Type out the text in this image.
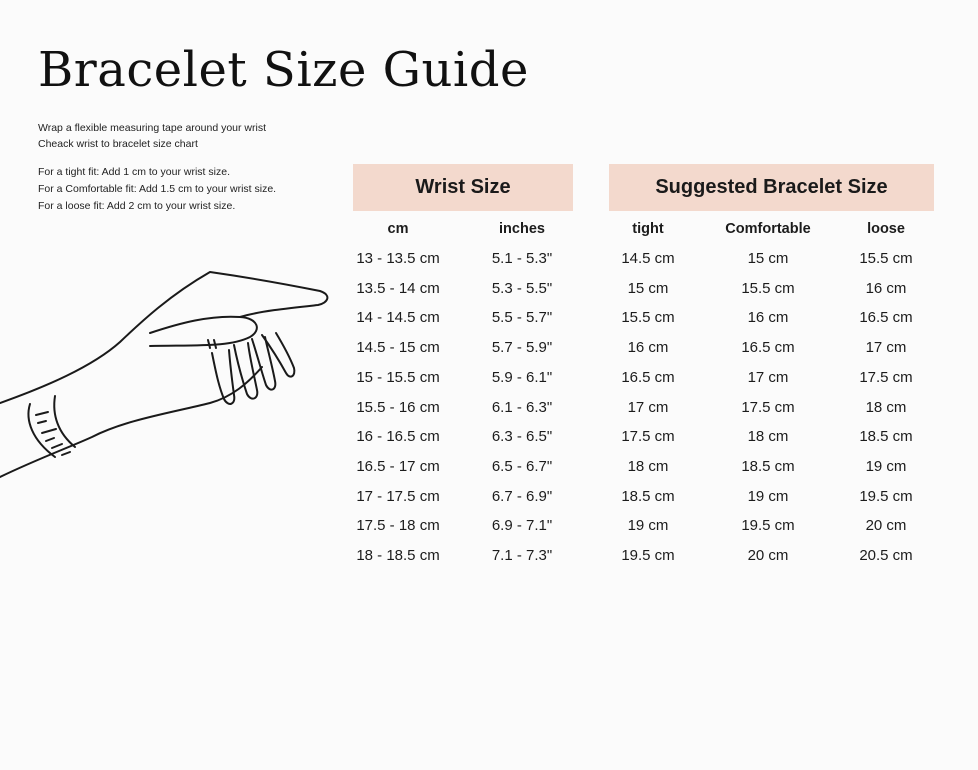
Bracelet Size Guide
Wrap a flexible measuring tape around your wrist
Cheack wrist to bracelet size chart
For a tight fit: Add 1 cm to your wrist size.
For a Comfortable fit: Add 1.5 cm to your wrist size.
For a loose fit: Add 2 cm to your wrist size.
Wrist Size	Suggested Bracelet Size
cm	inches	tight	Comfortable	loose
13 - 13.5 cm	5.1 - 5.3"	14.5 cm	15 cm	15.5 cm
13.5 - 14 cm	5.3 - 5.5"	15 cm	15.5 cm	16 cm
14 - 14.5 cm	5.5 - 5.7"	15.5 cm	16 cm	16.5 cm
14.5 - 15 cm	5.7 - 5.9"	16 cm	16.5 cm	17 cm
15 - 15.5 cm	5.9 - 6.1"	16.5 cm	17 cm	17.5 cm
15.5 - 16 cm	6.1 - 6.3"	17 cm	17.5 cm	18 cm
16 - 16.5 cm	6.3 - 6.5"	17.5 cm	18 cm	18.5 cm
16.5 - 17 cm	6.5 - 6.7"	18 cm	18.5 cm	19 cm
17 - 17.5 cm	6.7 - 6.9"	18.5 cm	19 cm	19.5 cm
17.5 - 18 cm	6.9 - 7.1"	19 cm	19.5 cm	20 cm
18 - 18.5 cm	7.1 - 7.3"	19.5 cm	20 cm	20.5 cm
